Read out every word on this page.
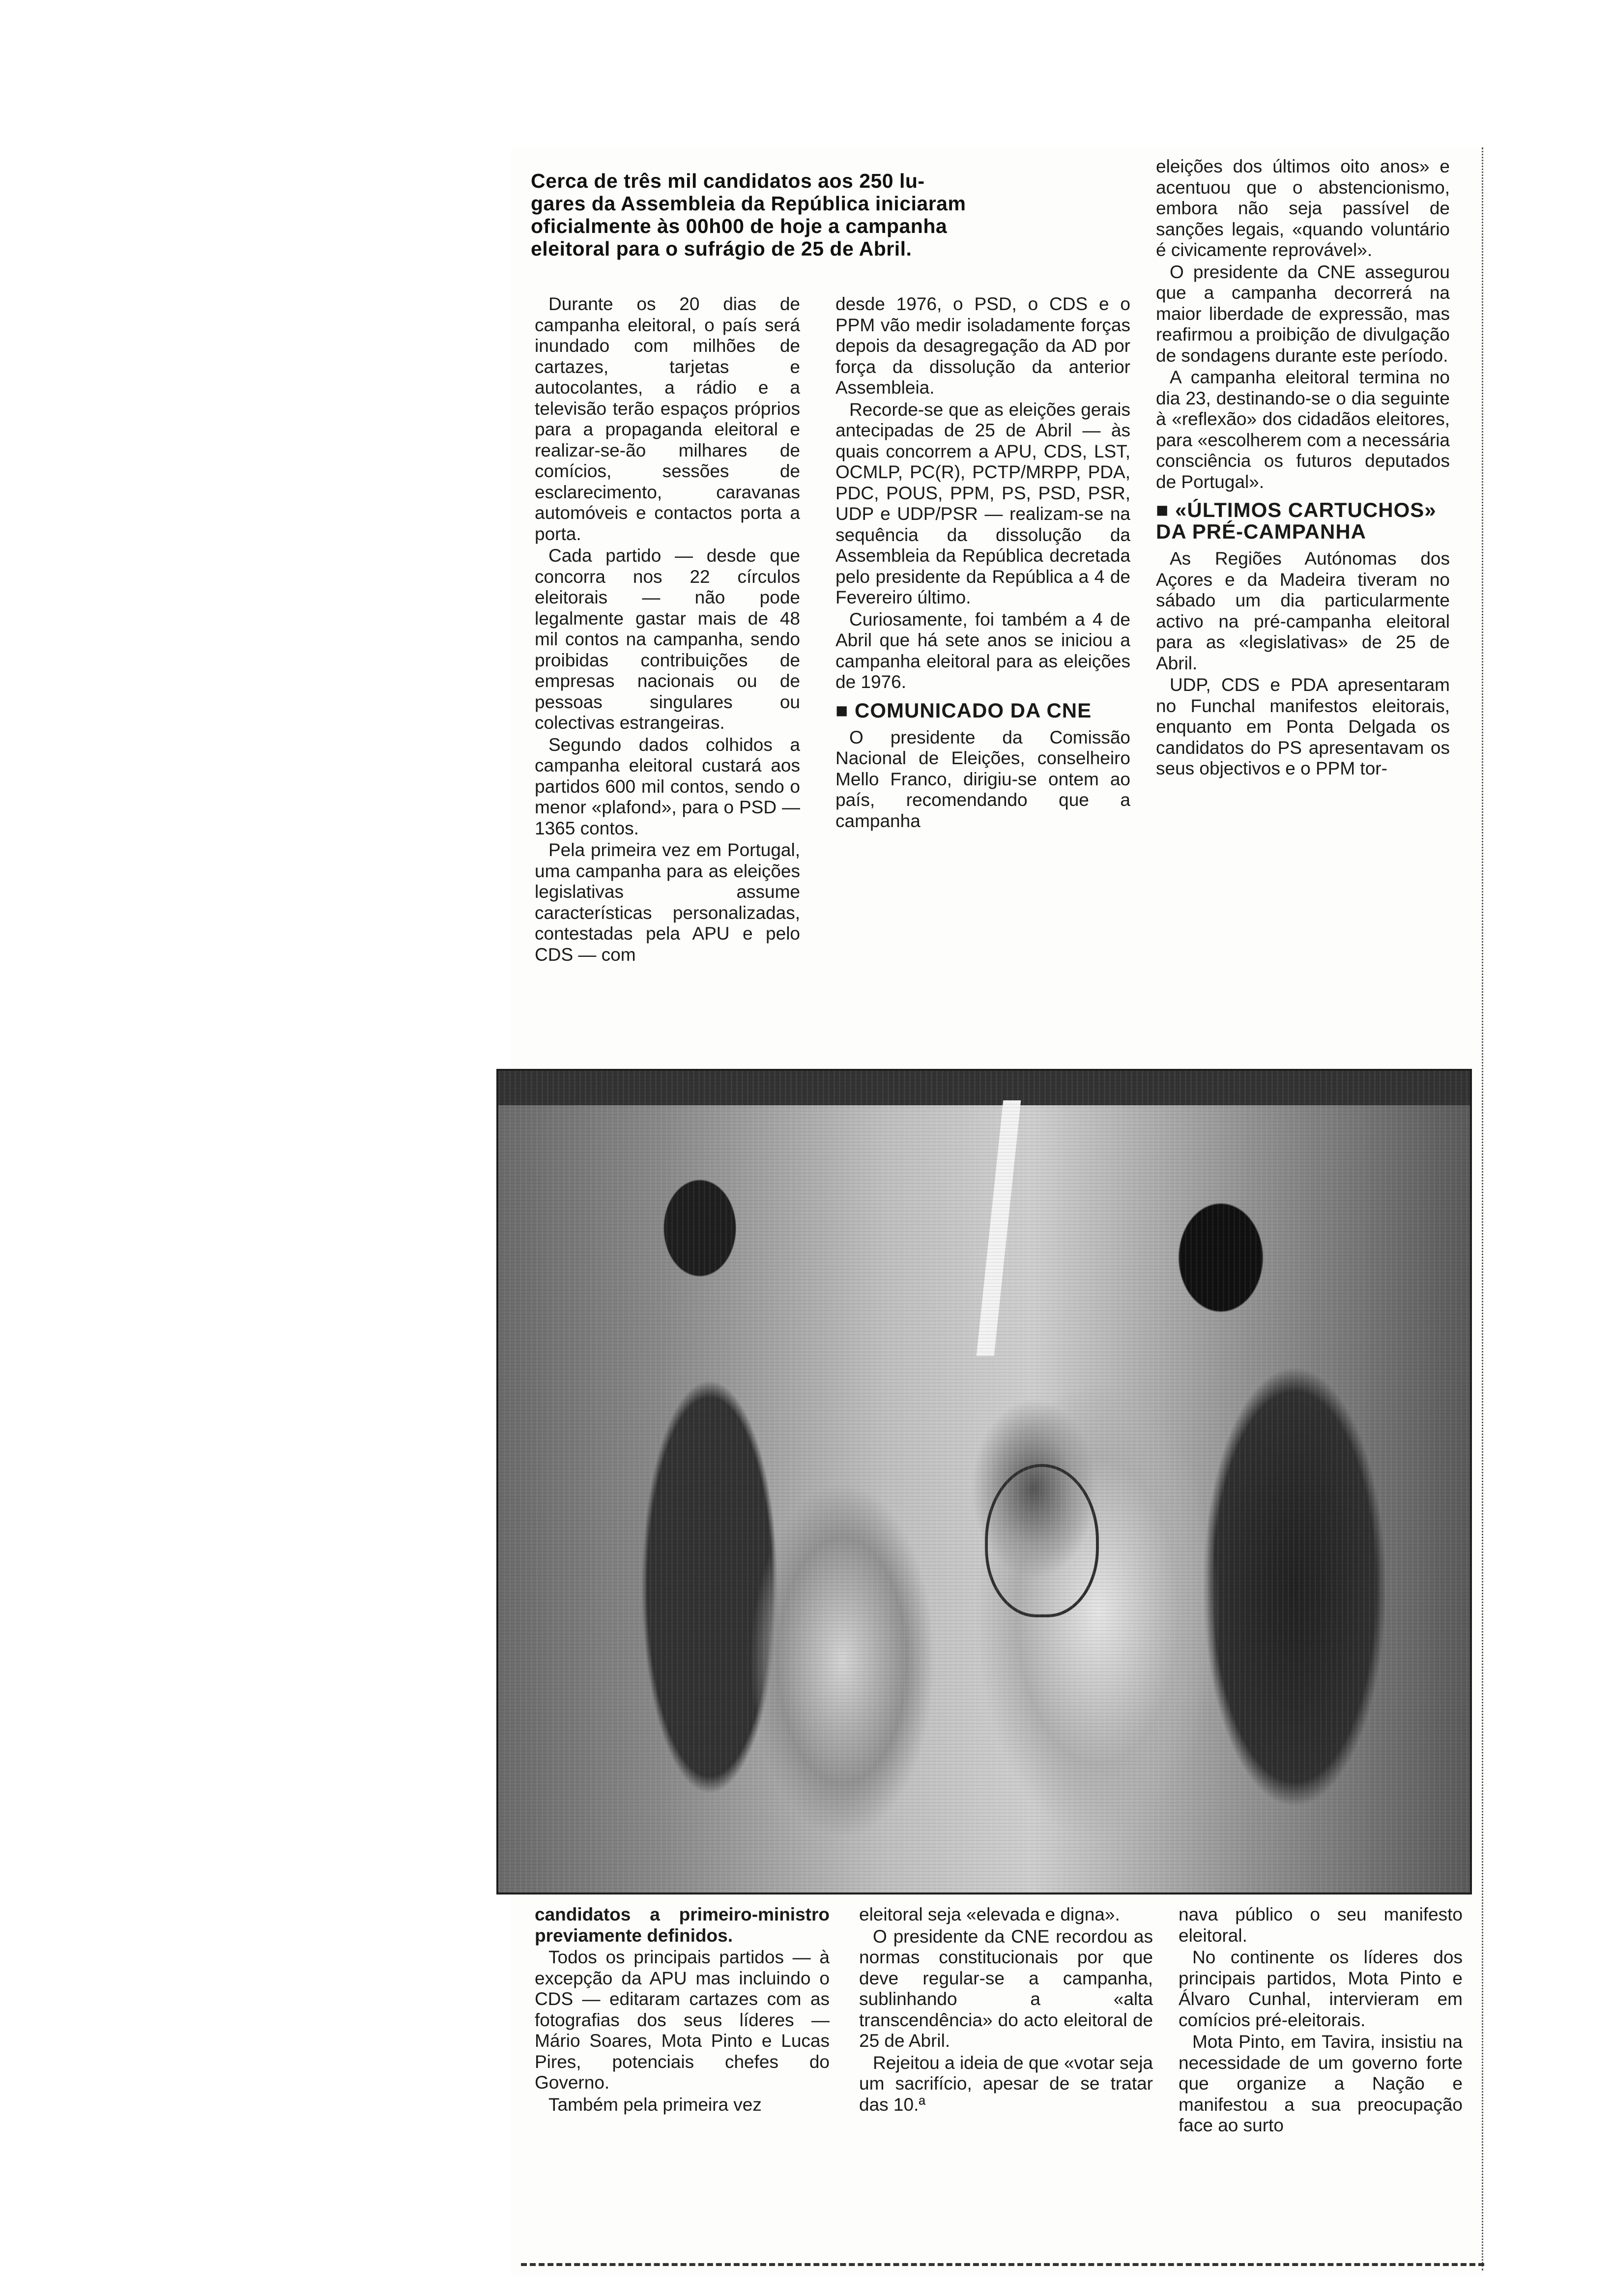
Cerca de três mil candidatos aos 250 lu-

gares da Assembleia da República iniciaram

oficialmente às 00h00 de hoje a campanha

eleitoral para o sufrágio de 25 de Abril.

Durante os 20 dias de campanha eleitoral, o país será inundado com milhões de cartazes, tarjetas e autocolantes, a rádio e a televisão terão espaços próprios para a propaganda eleitoral e realizar-se-ão milhares de comícios, sessões de esclarecimento, caravanas automóveis e contactos porta a porta.

Cada partido — desde que concorra nos 22 círculos eleitorais — não pode legalmente gastar mais de 48 mil contos na campanha, sendo proibidas contribuições de empresas nacionais ou de pessoas singulares ou colectivas estrangeiras.

Segundo dados colhidos a campanha eleitoral custará aos partidos 600 mil contos, sendo o menor «plafond», para o PSD — 1365 contos.

Pela primeira vez em Portugal, uma campanha para as eleições legislativas assume características personalizadas, contestadas pela APU e pelo CDS — com

desde 1976, o PSD, o CDS e o PPM vão medir isoladamente forças depois da desagregação da AD por força da dissolução da anterior Assembleia.

Recorde-se que as eleições gerais antecipadas de 25 de Abril — às quais concorrem a APU, CDS, LST, OCMLP, PC(R), PCTP/MRPP, PDA, PDC, POUS, PPM, PS, PSD, PSR, UDP e UDP/PSR — realizam-se na sequência da dissolução da Assembleia da República decretada pelo presidente da República a 4 de Fevereiro último.

Curiosamente, foi também a 4 de Abril que há sete anos se iniciou a campanha eleitoral para as eleições de 1976.

■ COMUNICADO DA CNE

O presidente da Comissão Nacional de Eleições, conselheiro Mello Franco, dirigiu-se ontem ao país, recomendando que a campanha

eleições dos últimos oito anos» e acentuou que o abstencionismo, embora não seja passível de sanções legais, «quando voluntário é civicamente reprovável».

O presidente da CNE assegurou que a campanha decorrerá na maior liberdade de expressão, mas reafirmou a proibição de divulgação de sondagens durante este período.

A campanha eleitoral termina no dia 23, destinando-se o dia seguinte à «reflexão» dos cidadãos eleitores, para «escolherem com a necessária consciência os futuros deputados de Portugal».

■ «ÚLTIMOS CARTUCHOS» DA PRÉ-CAMPANHA

As Regiões Autónomas dos Açores e da Madeira tiveram no sábado um dia particularmente activo na pré-campanha eleitoral para as «legislativas» de 25 de Abril.

UDP, CDS e PDA apresentaram no Funchal manifestos eleitorais, enquanto em Ponta Delgada os candidatos do PS apresentavam os seus objectivos e o PPM tor-

candidatos a primeiro-ministro previamente definidos.

Todos os principais partidos — à excepção da APU mas incluindo o CDS — editaram cartazes com as fotografias dos seus líderes — Mário Soares, Mota Pinto e Lucas Pires, potenciais chefes do Governo.

Também pela primeira vez

eleitoral seja «elevada e digna».

O presidente da CNE recordou as normas constitucionais por que deve regular-se a campanha, sublinhando a «alta transcendência» do acto eleitoral de 25 de Abril.

Rejeitou a ideia de que «votar seja um sacrifício, apesar de se tratar das 10.ª

nava público o seu manifesto eleitoral.

No continente os líderes dos principais partidos, Mota Pinto e Álvaro Cunhal, intervieram em comícios pré-eleitorais.

Mota Pinto, em Tavira, insistiu na necessidade de um governo forte que organize a Nação e manifestou a sua preocupação face ao surto
